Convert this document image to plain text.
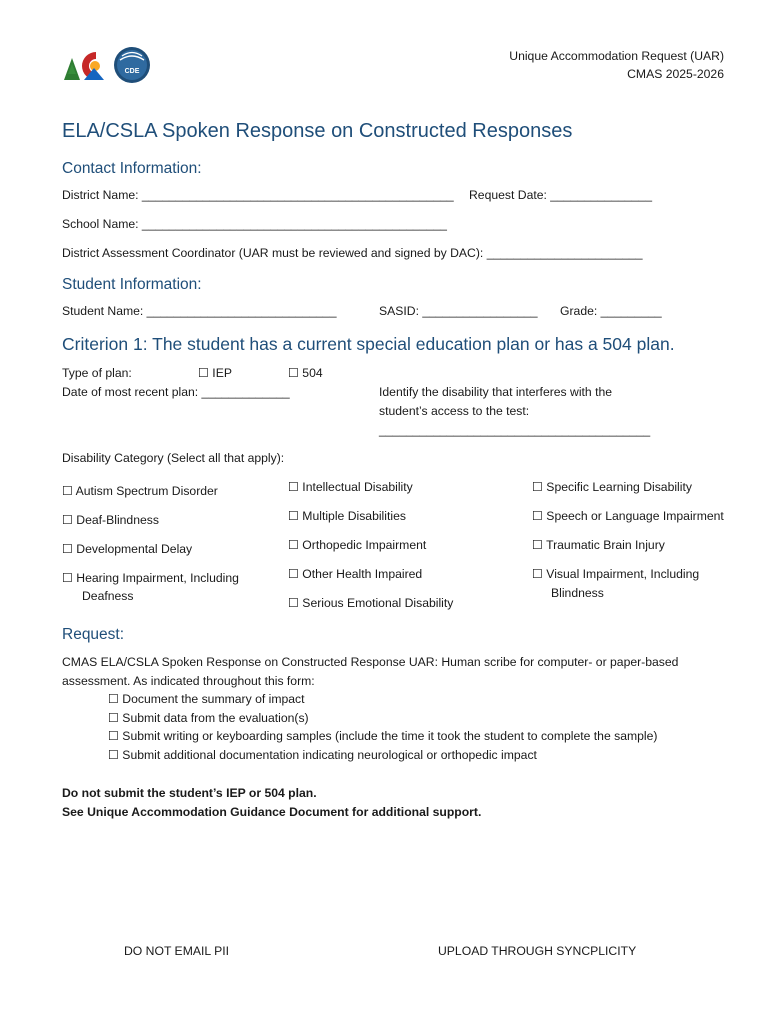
CDE
Unique Accommodation Request (UAR)
CMAS 2025-2026
ELA/CSLA Spoken Response on Constructed Responses
Contact Information:
District Name: ______________________________________________ Request Date: _______________
School Name: _____________________________________________
District Assessment Coordinator (UAR must be reviewed and signed by DAC): _______________________
Student Information:
Student Name: ____________________________	SASID: _________________ Grade: _________
Criterion 1: The student has a current special education plan or has a 504 plan.
Type of plan:	☐ IEP	☐ 504
Date of most recent plan: _____________	Identify the disability that interferes with the
student’s access to the test:
________________________________________
Disability Category (Select all that apply):
☐ Autism Spectrum Disorder
☐ Deaf-Blindness
☐ Developmental Delay
☐ Hearing Impairment, Including
Deafness
☐ Intellectual Disability
☐ Multiple Disabilities
☐ Orthopedic Impairment
☐ Other Health Impaired
☐ Serious Emotional Disability
☐ Specific Learning Disability
☐ Speech or Language Impairment
☐ Traumatic Brain Injury
☐ Visual Impairment, Including
Blindness
Request:
CMAS ELA/CSLA Spoken Response on Constructed Response UAR: Human scribe for computer- or paper-based
assessment. As indicated throughout this form:
☐ Document the summary of impact
☐ Submit data from the evaluation(s)
☐ Submit writing or keyboarding samples (include the time it took the student to complete the sample)
☐ Submit additional documentation indicating neurological or orthopedic impact
Do not submit the student’s IEP or 504 plan.
See Unique Accommodation Guidance Document for additional support.
DO NOT EMAIL PII	UPLOAD THROUGH SYNCPLICITY
